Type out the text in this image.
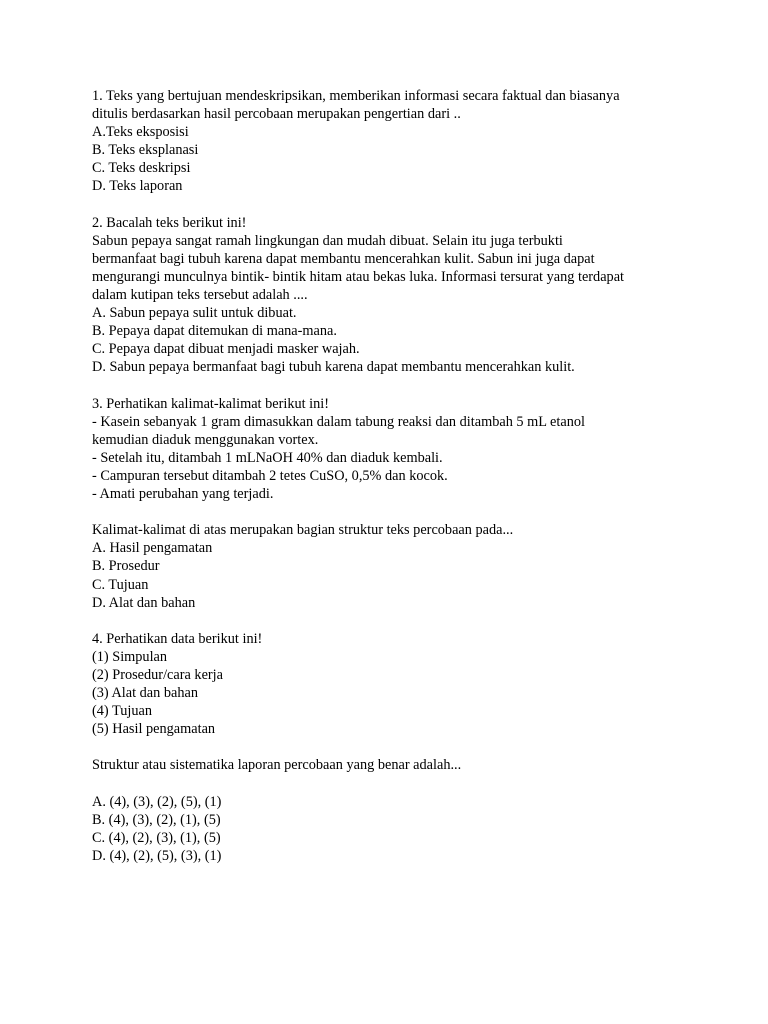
1. Teks yang bertujuan mendeskripsikan, memberikan informasi secara faktual dan biasanya

ditulis berdasarkan hasil percobaan merupakan pengertian dari ..

A.Teks eksposisi

B. Teks eksplanasi

C. Teks deskripsi

D. Teks laporan

2. Bacalah teks berikut ini!

Sabun pepaya sangat ramah lingkungan dan mudah dibuat. Selain itu juga terbukti

bermanfaat bagi tubuh karena dapat membantu mencerahkan kulit. Sabun ini juga dapat

mengurangi munculnya bintik- bintik hitam atau bekas luka. Informasi tersurat yang terdapat

dalam kutipan teks tersebut adalah ....

A. Sabun pepaya sulit untuk dibuat.

B. Pepaya dapat ditemukan di mana-mana.

C. Pepaya dapat dibuat menjadi masker wajah.

D. Sabun pepaya bermanfaat bagi tubuh karena dapat membantu mencerahkan kulit.

3. Perhatikan kalimat-kalimat berikut ini!

- Kasein sebanyak 1 gram dimasukkan dalam tabung reaksi dan ditambah 5 mL etanol

kemudian diaduk menggunakan vortex.

- Setelah itu, ditambah 1 mLNaOH 40% dan diaduk kembali.

- Campuran tersebut ditambah 2 tetes CuSO, 0,5% dan kocok.

- Amati perubahan yang terjadi.

Kalimat-kalimat di atas merupakan bagian struktur teks percobaan pada...

A. Hasil pengamatan

B. Prosedur

C. Tujuan

D. Alat dan bahan

4. Perhatikan data berikut ini!

(1) Simpulan

(2) Prosedur/cara kerja

(3) Alat dan bahan

(4) Tujuan

(5) Hasil pengamatan

Struktur atau sistematika laporan percobaan yang benar adalah...

A. (4), (3), (2), (5), (1)

B. (4), (3), (2), (1), (5)

C. (4), (2), (3), (1), (5)

D. (4), (2), (5), (3), (1)
